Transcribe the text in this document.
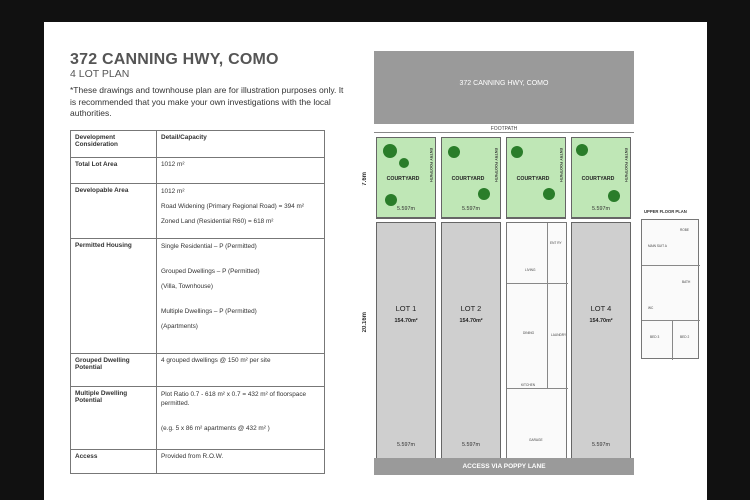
372 CANNING HWY, COMO
4 LOT PLAN
*These drawings and townhouse plan are for illustration purposes only. It is recommended that you make your own investigations with the local authorities.
Development Consideration	Detail/Capacity
Total Lot Area	1012 m²
Developable Area	1012 m²
Road Widening (Primary Regional Road) = 394 m²
Zoned Land (Residential R60) = 618 m²

Permitted Housing	Single Residential – P (Permitted)
Grouped Dwellings – P (Permitted)
(Villa, Townhouse)
Multiple Dwellings – P (Permitted)
(Apartments)

Grouped Dwelling Potential	4 grouped dwellings @ 150 m² per site
Multiple Dwelling Potential	Plot Ratio 0.7 - 618 m² x 0.7 = 432 m² of floorspace permitted.
(e.g. 5 x 86 m² apartments @ 432 m² )

Access	Provided from R.O.W.
372 CANNING HWY, COMO
FOOTPATH
7.6m
20.16m
COURTYARD	ENTRY FOOTPATH
5.597m
COURTYARD	ENTRY FOOTPATH
5.597m
COURTYARD	ENTRY FOOTPATH	COURTYARD	ENTRY FOOTPATH
5.597m
LOT 1
154.70m²
LOT 2
154.70m²
LOT 4
154.70m²
5.597m	5.597m	5.597m
ENT RY
LIVING
DINING	LAUNDRY
KITCHEN
GARAGE
ACCESS VIA POPPY LANE
UPPER FLOOR PLAN
ROBE
MAIN SUIT A
BATH
WC
BED 3	BED 2
